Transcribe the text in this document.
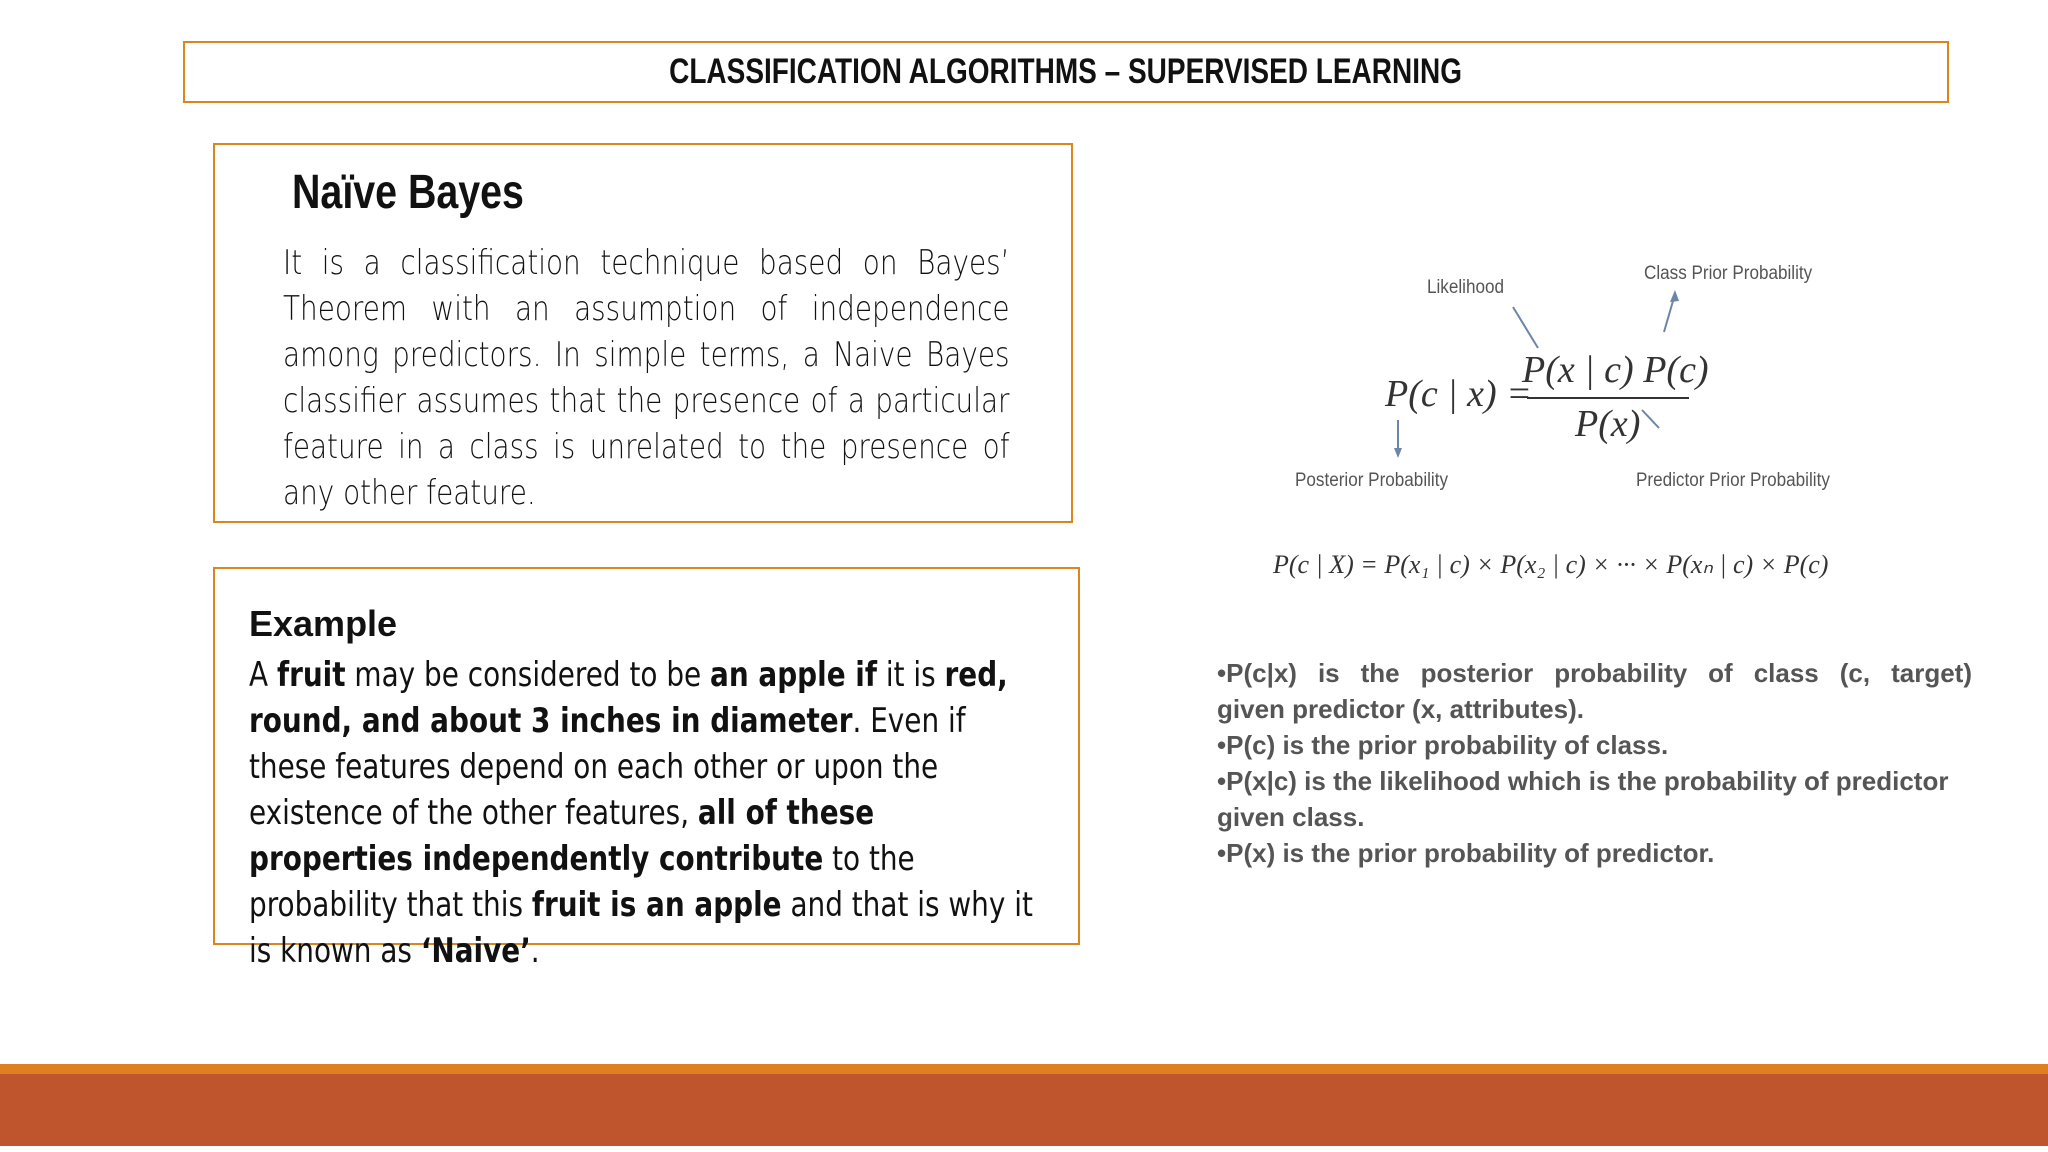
CLASSIFICATION ALGORITHMS – SUPERVISED LEARNING
Naïve Bayes
It is a classification technique based on Bayes’ Theorem with an assumption of independence among predictors. In simple terms, a Naive Bayes classifier assumes that the presence of a particular feature in a class is unrelated to the presence of any other feature.
Example
A fruit may be considered to be an apple if it is red, round, and about 3 inches in diameter. Even if these features depend on each other or upon the existence of the other features, all of these properties independently contribute to the probability that this fruit is an apple and that is why it is known as ‘Naive’.
Likelihood
Class Prior Probability
Posterior Probability	Predictor Prior Probability
P(c | x) =
P(x | c) P(c)
P(x)
P(c | X) = P(x₁ | c) × P(x₂ | c) × ··· × P(xₙ | c) × P(c)
•P(c|x) is the posterior probability of class (c, target)
given predictor (x, attributes).
•P(c) is the prior probability of class.
•P(x|c) is the likelihood which is the probability of predictor given class.
•P(x) is the prior probability of predictor.
